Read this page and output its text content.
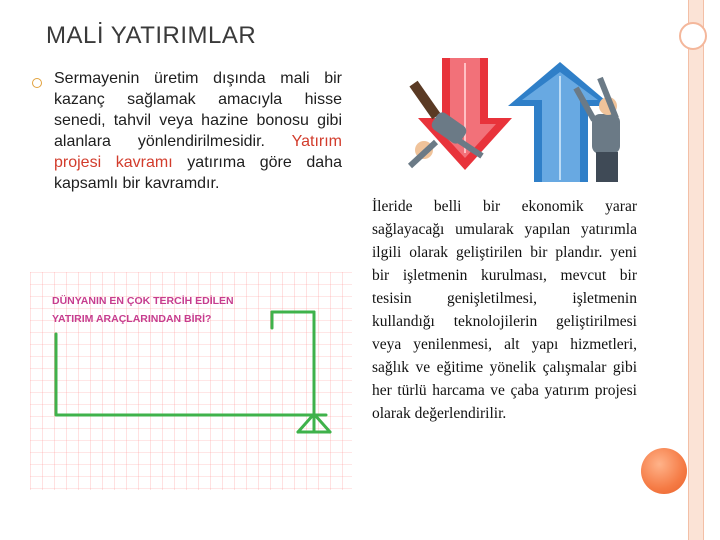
MALİ YATIRIMLAR

Sermayenin üretim dışında mali bir kazanç sağlamak amacıyla hisse senedi, tahvil veya hazine bonosu gibi alanlara yönlendirilmesidir. Yatırım projesi kavramı yatırıma göre daha kapsamlı bir kavramdır.

DÜNYANIN EN ÇOK TERCİH EDİLEN
YATIRIM ARAÇLARINDAN BİRİ?

İleride belli bir ekonomik yarar sağlayacağı umularak yapılan yatırımla ilgili olarak geliştirilen bir plandır. yeni bir işletmenin kurulması, mevcut bir tesisin genişletilmesi, işletmenin kullandığı teknolojilerin geliştirilmesi veya yenilenmesi, alt yapı hizmetleri, sağlık ve eğitime yönelik çalışmalar gibi her türlü harcama ve çaba yatırım projesi olarak değerlendirilir.
